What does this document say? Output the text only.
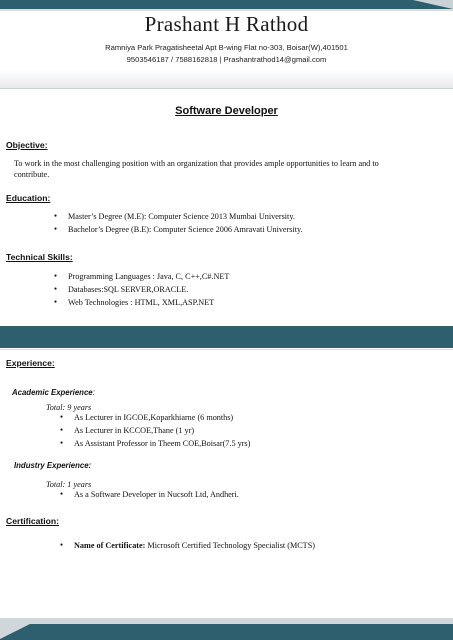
Prashant H Rathod
Ramniya Park Pragatisheetal Apt B-wing Flat no-303, Boisar(W),401501
9503546187 / 7588162818 | Prashantrathod14@gmail.com
Software Developer
Objective:
To work in the most challenging position with an organization that provides ample opportunities to learn and to contribute.
Education:
● Master’s Degree (M.E): Computer Science 2013 Mumbai University.
● Bachelor’s Degree (B.E): Computer Science 2006 Amravati University.
Technical Skills:
● Programming Languages : Java, C, C++,C#.NET
● Databases:SQL SERVER,ORACLE.
● Web Technologies : HTML, XML,ASP.NET
Experience:
Academic Experience:
Total: 9 years
● As Lecturer in IGCOE,Koparkhiarne (6 months)
● As Lecturer in KCCOE,Thane (1 yr)
● As Assistant Professor in Theem COE,Boisar(7.5 yrs)
Industry Experience:
Total: 1 years
● As a Software Developer in Nucsoft Ltd, Andheri.
Certification:
● Name of Certificate: Microsoft Certified Technology Specialist (MCTS)
